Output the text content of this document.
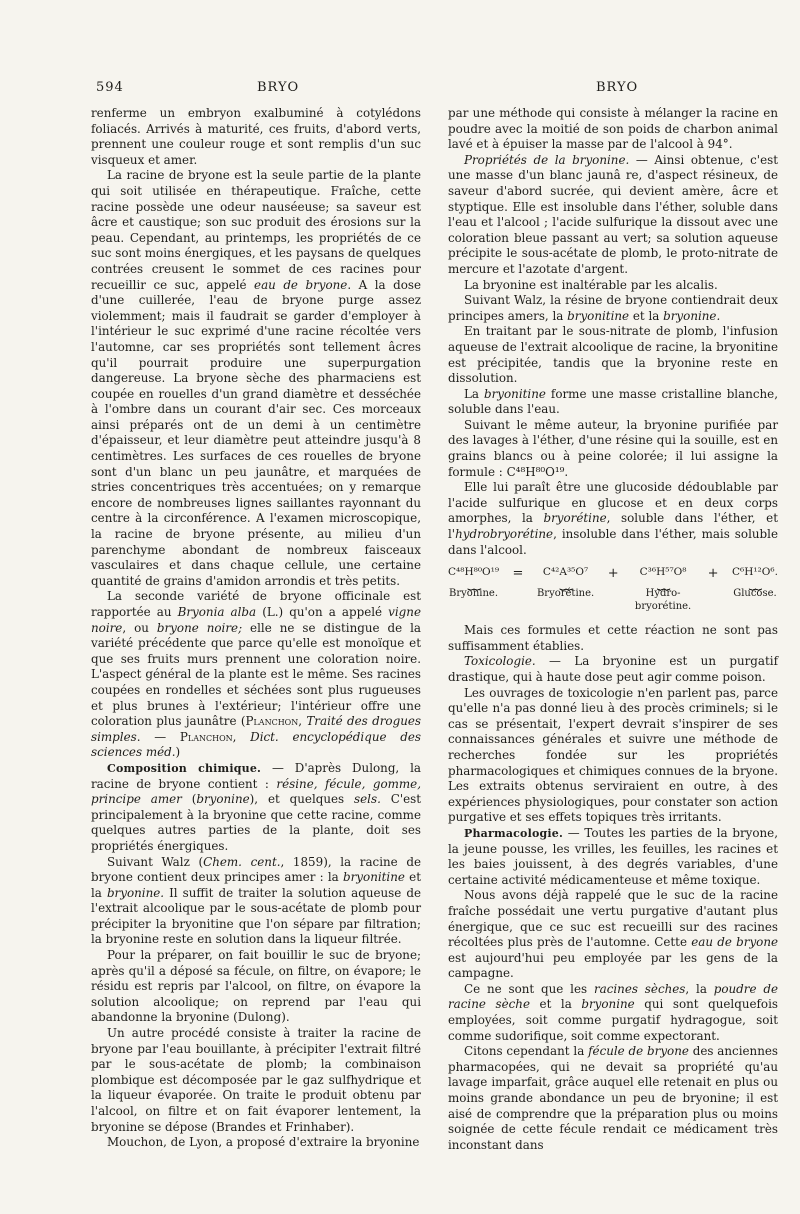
594	BRYO	BRYO

renferme un embryon exalbuminé à cotylédons foliacés. Arrivés à maturité, ces fruits, d'abord verts, prennent une couleur rouge et sont remplis d'un suc visqueux et amer.

La racine de bryone est la seule partie de la plante qui soit utilisée en thérapeutique. Fraîche, cette racine possède une odeur nauséeuse; sa saveur est âcre et caustique; son suc produit des érosions sur la peau. Cependant, au printemps, les propriétés de ce suc sont moins énergiques, et les paysans de quelques contrées creusent le sommet de ces racines pour recueillir ce suc, appelé eau de bryone. A la dose d'une cuillerée, l'eau de bryone purge assez violemment; mais il faudrait se garder d'employer à l'intérieur le suc exprimé d'une racine récoltée vers l'automne, car ses propriétés sont tellement âcres qu'il pourrait produire une superpurgation dangereuse. La bryone sèche des pharmaciens est coupée en rouelles d'un grand diamètre et desséchée à l'ombre dans un courant d'air sec. Ces morceaux ainsi préparés ont de un demi à un centimètre d'épaisseur, et leur diamètre peut atteindre jusqu'à 8 centimètres. Les surfaces de ces rouelles de bryone sont d'un blanc un peu jaunâtre, et marquées de stries concentriques très accentuées; on y remarque encore de nombreuses lignes saillantes rayonnant du centre à la circonférence. A l'examen microscopique, la racine de bryone présente, au milieu d'un parenchyme abondant de nombreux faisceaux vasculaires et dans chaque cellule, une certaine quantité de grains d'amidon arrondis et très petits.

La seconde variété de bryone officinale est rapportée au Bryonia alba (L.) qu'on a appelé vigne noire, ou bryone noire; elle ne se distingue de la variété précédente que parce qu'elle est monoïque et que ses fruits murs prennent une coloration noire. L'aspect général de la plante est le même. Ses racines coupées en rondelles et séchées sont plus rugueuses et plus brunes à l'extérieur; l'intérieur offre une coloration plus jaunâtre (Planchon, Traité des drogues simples. — Planchon, Dict. encyclopédique des sciences méd.)

Composition chimique. — D'après Dulong, la racine de bryone contient : résine, fécule, gomme, principe amer (bryonine), et quelques sels. C'est principalement à la bryonine que cette racine, comme quelques autres parties de la plante, doit ses propriétés énergiques.

Suivant Walz (Chem. cent., 1859), la racine de bryone contient deux principes amer : la bryonitine et la bryonine. Il suffit de traiter la solution aqueuse de l'extrait alcoolique par le sous-acétate de plomb pour précipiter la bryonitine que l'on sépare par filtration; la bryonine reste en solution dans la liqueur filtrée.

Pour la préparer, on fait bouillir le suc de bryone; après qu'il a déposé sa fécule, on filtre, on évapore; le résidu est repris par l'alcool, on filtre, on évapore la solution alcoolique; on reprend par l'eau qui abandonne la bryonine (Dulong).

Un autre procédé consiste à traiter la racine de bryone par l'eau bouillante, à précipiter l'extrait filtré par le sous-acétate de plomb; la combinaison plombique est décomposée par le gaz sulfhydrique et la liqueur évaporée. On traite le produit obtenu par l'alcool, on filtre et on fait évaporer lentement, la bryonine se dépose (Brandes et Frinhaber).

Mouchon, de Lyon, a proposé d'extraire la bryonine

par une méthode qui consiste à mélanger la racine en poudre avec la moitié de son poids de charbon animal lavé et à épuiser la masse par de l'alcool à 94°.

Propriétés de la bryonine. — Ainsi obtenue, c'est une masse d'un blanc jaunâ re, d'aspect résineux, de saveur d'abord sucrée, qui devient amère, âcre et styptique. Elle est insoluble dans l'éther, soluble dans l'eau et l'alcool ; l'acide sulfurique la dissout avec une coloration bleue passant au vert; sa solution aqueuse précipite le sous-acétate de plomb, le proto-nitrate de mercure et l'azotate d'argent.

La bryonine est inaltérable par les alcalis.

Suivant Walz, la résine de bryone contiendrait deux principes amers, la bryonitine et la bryonine.

En traitant par le sous-nitrate de plomb, l'infusion aqueuse de l'extrait alcoolique de racine, la bryonitine est précipitée, tandis que la bryonine reste en dissolution.

La bryonitine forme une masse cristalline blanche, soluble dans l'eau.

Suivant le même auteur, la bryonine purifiée par des lavages à l'éther, d'une résine qui la souille, est en grains blancs ou à peine colorée; il lui assigne la formule : C⁴⁸H⁸⁰O¹⁹.

Elle lui paraît être une glucoside dédoublable par l'acide sulfurique en glucose et en deux corps amorphes, la bryorétine, soluble dans l'éther, et l'hydrobryorétine, insoluble dans l'éther, mais soluble dans l'alcool.

C⁴⁸H⁸⁰O¹⁹
⏟⏟
Bryonine.
= C⁴²A³⁵O⁷
⏟⏟
Bryorétine.
+ C³⁶H⁵⁷O⁸
⏟⏟
Hydro-bryorétine.
+ C⁶H¹²O⁶.
⏟⏟
Glucose.

Mais ces formules et cette réaction ne sont pas suffisamment établies.

Toxicologie. — La bryonine est un purgatif drastique, qui à haute dose peut agir comme poison.

Les ouvrages de toxicologie n'en parlent pas, parce qu'elle n'a pas donné lieu à des procès criminels; si le cas se présentait, l'expert devrait s'inspirer de ses connaissances générales et suivre une méthode de recherches fondée sur les propriétés pharmacologiques et chimiques connues de la bryone. Les extraits obtenus serviraient en outre, à des expériences physiologiques, pour constater son action purgative et ses effets topiques très irritants.

Pharmacologie. — Toutes les parties de la bryone, la jeune pousse, les vrilles, les feuilles, les racines et les baies jouissent, à des degrés variables, d'une certaine activité médicamenteuse et même toxique.

Nous avons déjà rappelé que le suc de la racine fraîche possédait une vertu purgative d'autant plus énergique, que ce suc est recueilli sur des racines récoltées plus près de l'automne. Cette eau de bryone est aujourd'hui peu employée par les gens de la campagne.

Ce ne sont que les racines sèches, la poudre de racine sèche et la bryonine qui sont quelquefois employées, soit comme purgatif hydragogue, soit comme sudorifique, soit comme expectorant.

Citons cependant la fécule de bryone des anciennes pharmacopées, qui ne devait sa propriété qu'au lavage imparfait, grâce auquel elle retenait en plus ou moins grande abondance un peu de bryonine; il est aisé de comprendre que la préparation plus ou moins soignée de cette fécule rendait ce médicament très inconstant dans
